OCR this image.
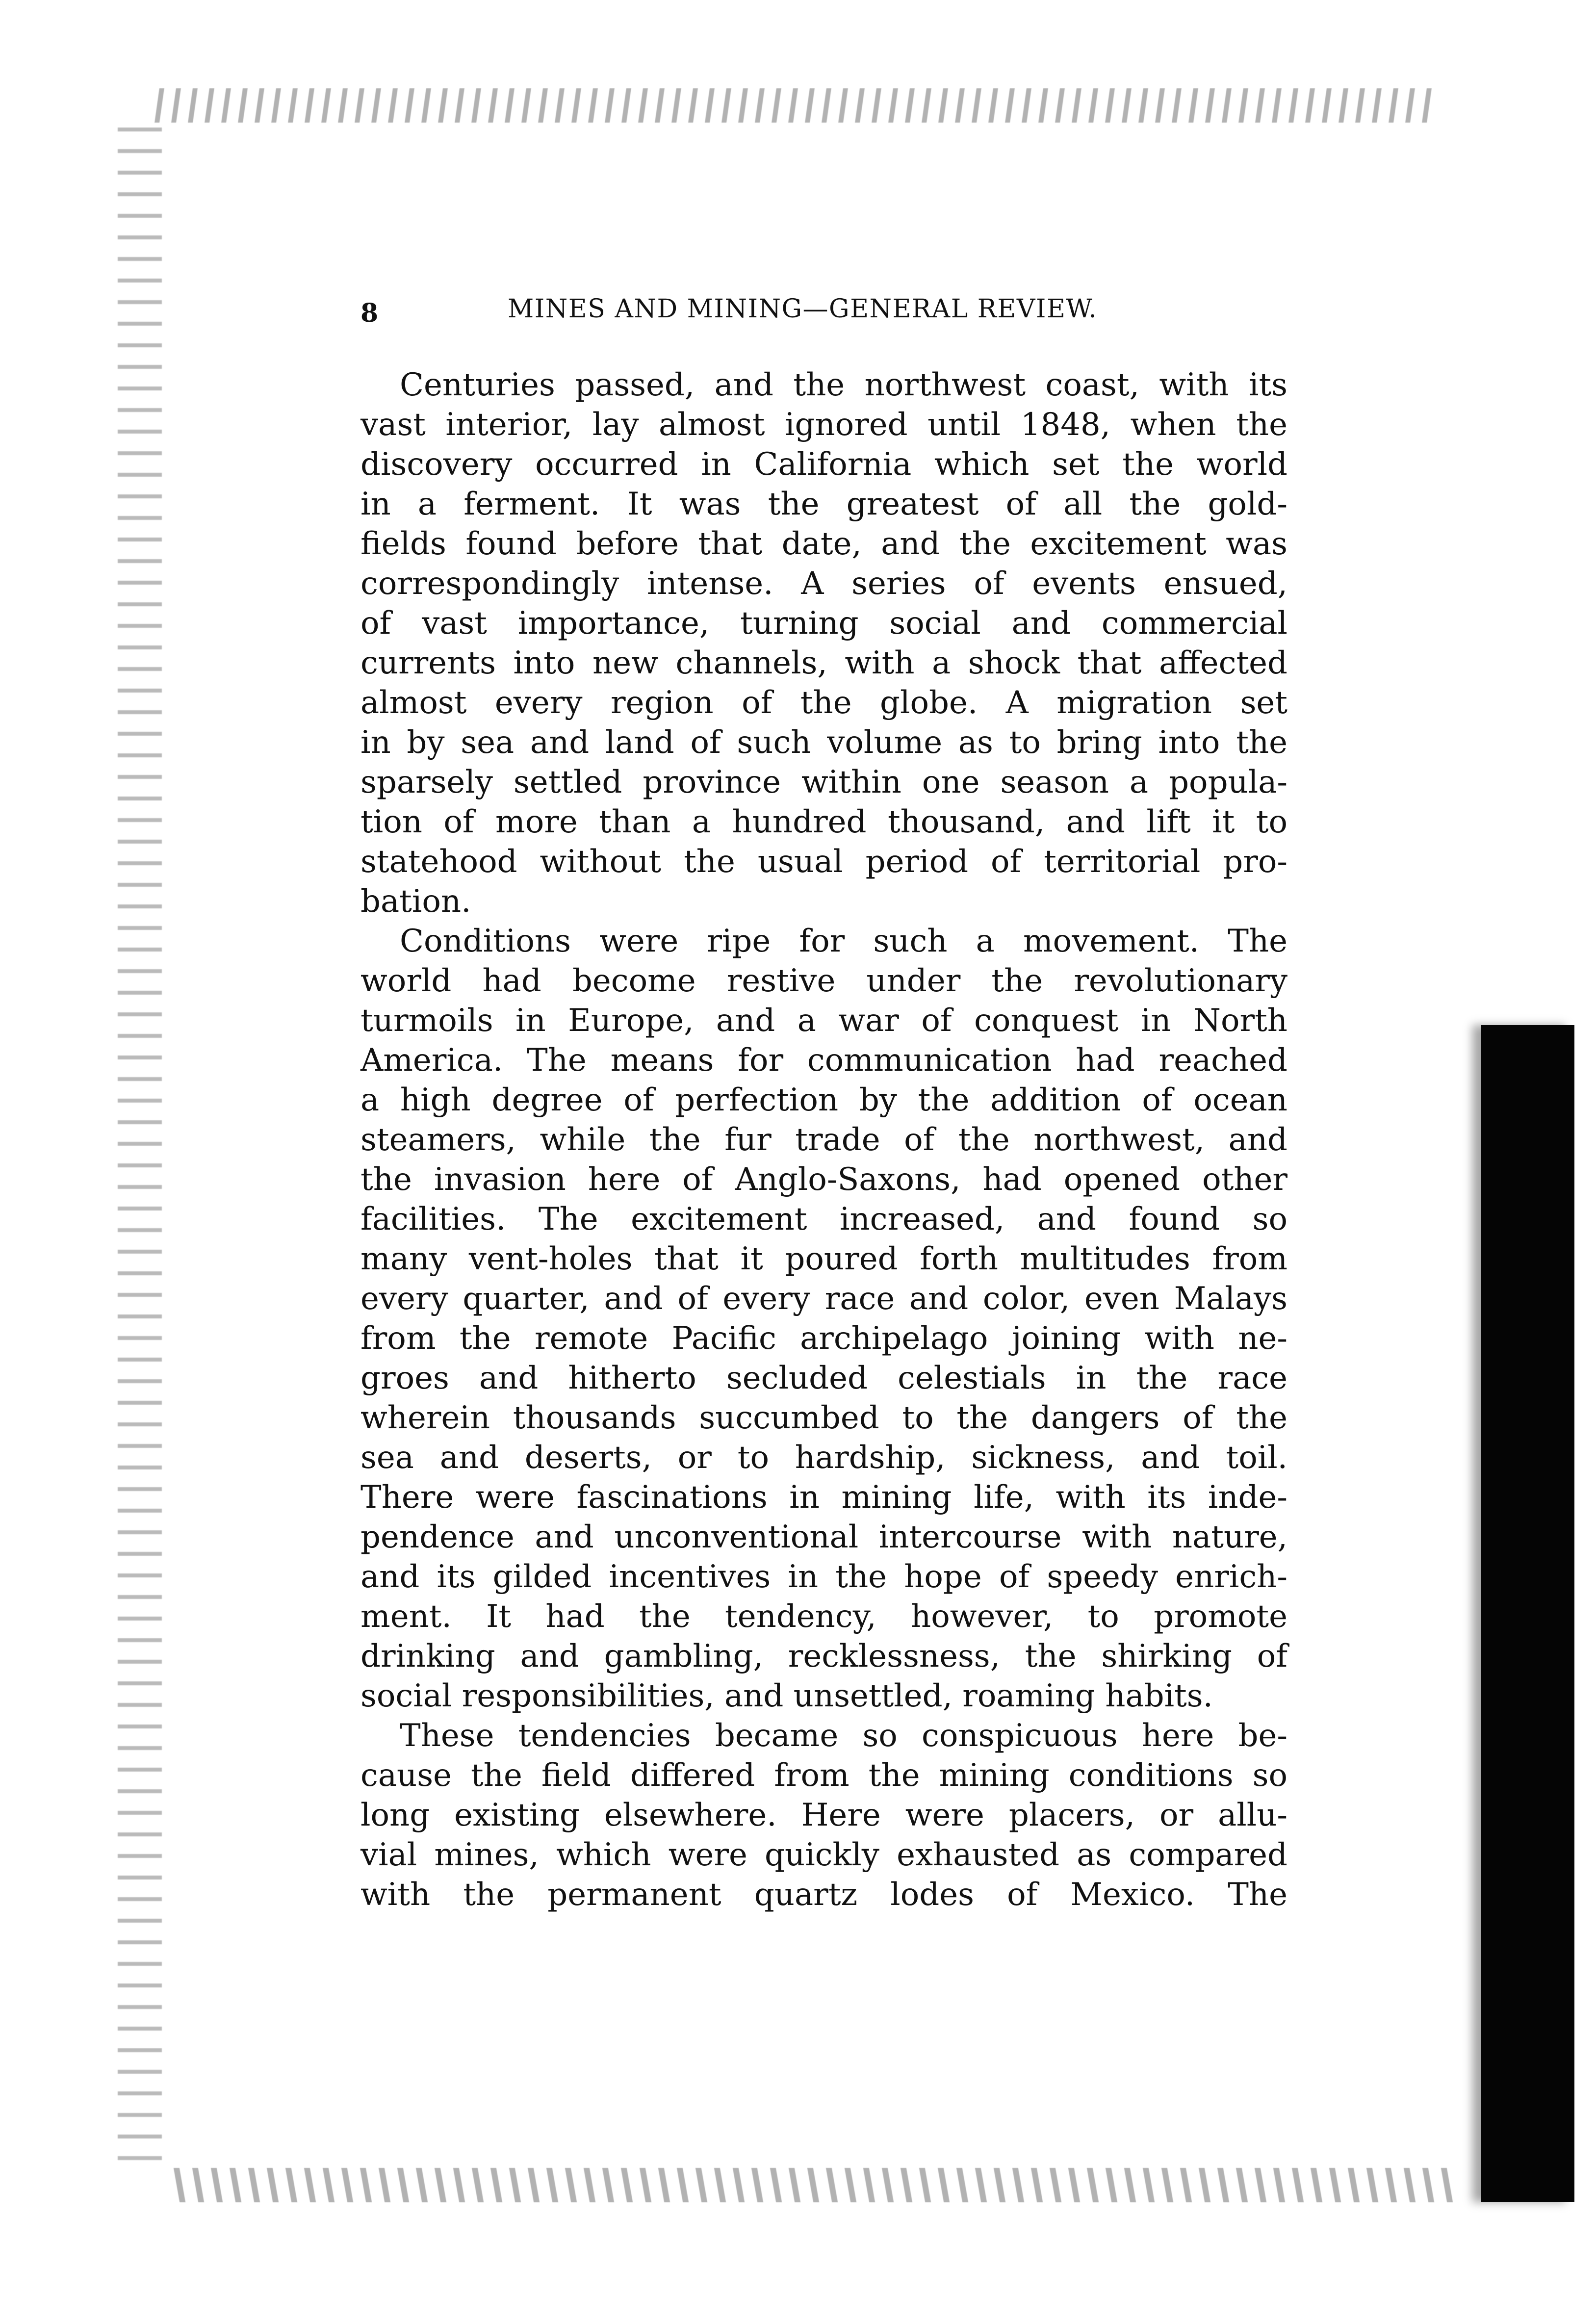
8	MINES AND MINING—GENERAL REVIEW.
Centuries passed, and the northwest coast, with its
vast interior, lay almost ignored until 1848, when the
discovery occurred in California which set the world
in a ferment. It was the greatest of all the gold-
fields found before that date, and the excitement was
correspondingly intense. A series of events ensued,
of vast importance, turning social and commercial
currents into new channels, with a shock that affected
almost every region of the globe. A migration set
in by sea and land of such volume as to bring into the
sparsely settled province within one season a popula-
tion of more than a hundred thousand, and lift it to
statehood without the usual period of territorial pro-
bation.
Conditions were ripe for such a movement. The
world had become restive under the revolutionary
turmoils in Europe, and a war of conquest in North
America. The means for communication had reached
a high degree of perfection by the addition of ocean
steamers, while the fur trade of the northwest, and
the invasion here of Anglo-Saxons, had opened other
facilities. The excitement increased, and found so
many vent-holes that it poured forth multitudes from
every quarter, and of every race and color, even Malays
from the remote Pacific archipelago joining with ne-
groes and hitherto secluded celestials in the race
wherein thousands succumbed to the dangers of the
sea and deserts, or to hardship, sickness, and toil.
There were fascinations in mining life, with its inde-
pendence and unconventional intercourse with nature,
and its gilded incentives in the hope of speedy enrich-
ment. It had the tendency, however, to promote
drinking and gambling, recklessness, the shirking of
social responsibilities, and unsettled, roaming habits.
These tendencies became so conspicuous here be-
cause the field differed from the mining conditions so
long existing elsewhere. Here were placers, or allu-
vial mines, which were quickly exhausted as compared
with the permanent quartz lodes of Mexico. The
